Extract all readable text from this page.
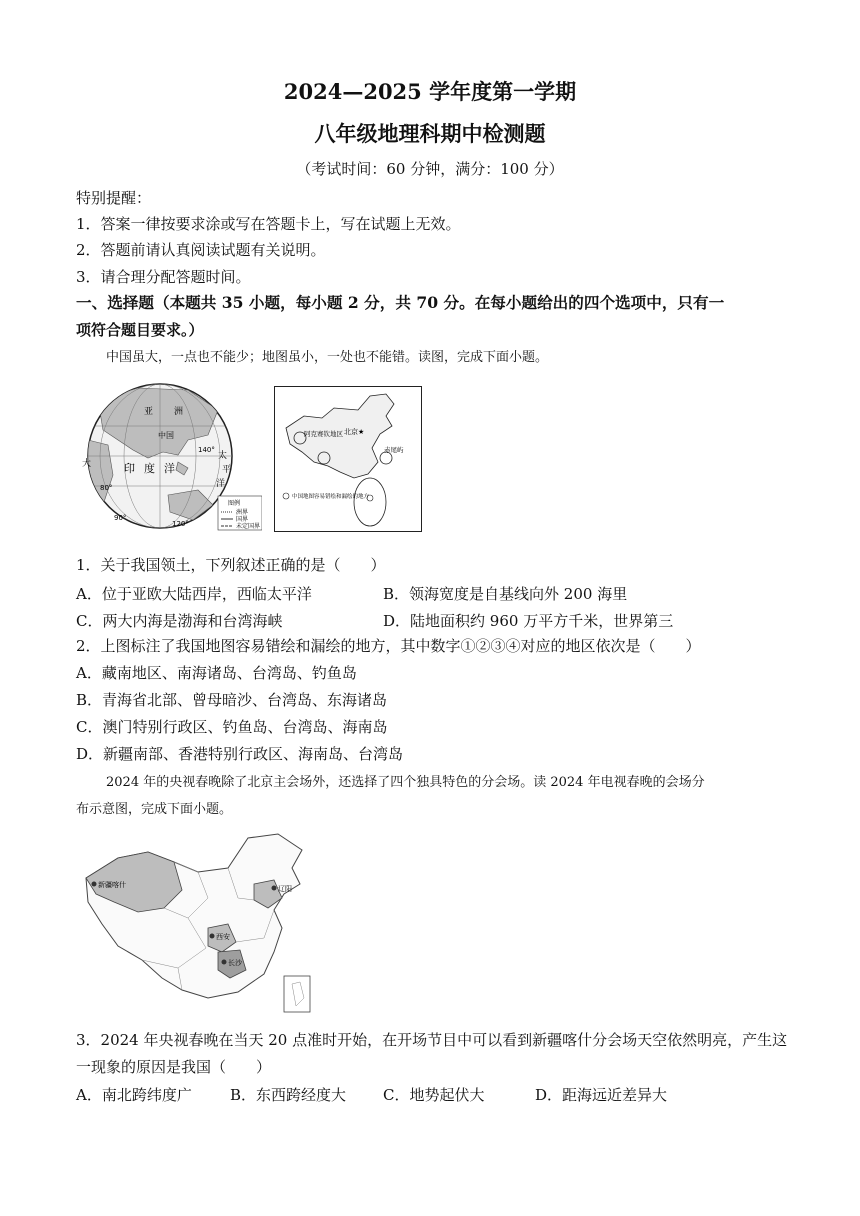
2024—2025 学年度第一学期
八年级地理科期中检测题
（考试时间：60 分钟，满分：100 分）
特别提醒：
1．答案一律按要求涂或写在答题卡上，写在试题上无效。
2．答题前请认真阅读试题有关说明。
3．请合理分配答题时间。
一、选择题（本题共 35 小题，每小题 2 分，共 70 分。在每小题给出的四个选项中，只有一
项符合题目要求。）
中国虽大，一点也不能少；地图虽小，一处也不能错。读图，完成下面小题。
亚 洲
太
平
洋
印 度 洋
中国
大
140°
80°
90°
120°
图例
洲界
国界
未定国界
北京★
阿克赛钦地区
赤尾屿
中国地图容易错绘和漏绘的地方
1．关于我国领土，下列叙述正确的是（　　）
A．位于亚欧大陆西岸，西临太平洋	B．领海宽度是自基线向外 200 海里
C．两大内海是渤海和台湾海峡	D．陆地面积约 960 万平方千米，世界第三
2．上图标注了我国地图容易错绘和漏绘的地方，其中数字①②③④对应的地区依次是（　　）
A．藏南地区、南海诸岛、台湾岛、钓鱼岛
B．青海省北部、曾母暗沙、台湾岛、东海诸岛
C．澳门特别行政区、钓鱼岛、台湾岛、海南岛
D．新疆南部、香港特别行政区、海南岛、台湾岛
2024 年的央视春晚除了北京主会场外，还选择了四个独具特色的分会场。读 2024 年电视春晚的会场分
布示意图，完成下面小题。
新疆喀什	辽阳
西安
长沙
3．2024 年央视春晚在当天 20 点准时开始，在开场节目中可以看到新疆喀什分会场天空依然明亮，产生这
一现象的原因是我国（　　）
A．南北跨纬度广	B．东西跨经度大 C．地势起伏大	D．距海远近差异大
